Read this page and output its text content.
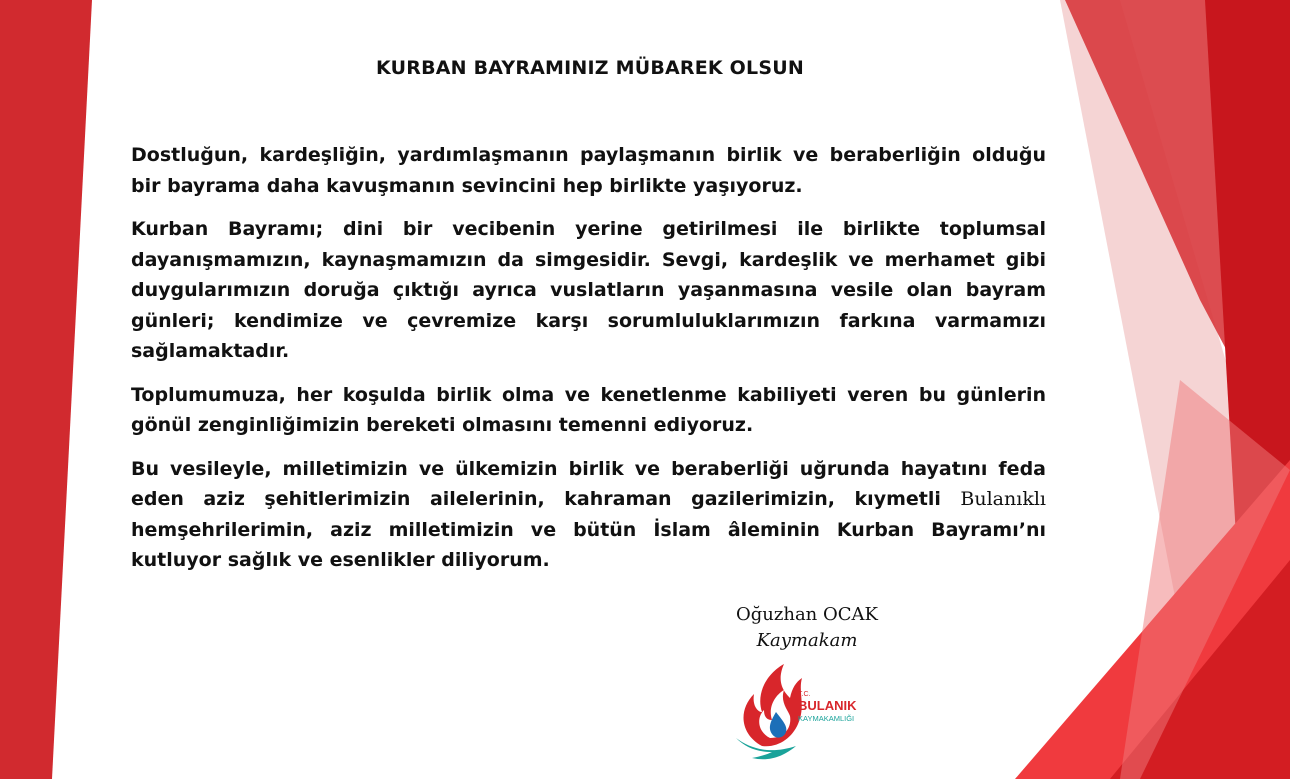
KURBAN BAYRAMINIZ MÜBAREK OLSUN

Dostluğun, kardeşliğin, yardımlaşmanın paylaşmanın birlik ve beraberliğin olduğu bir bayrama daha kavuşmanın sevincini hep birlikte yaşıyoruz.

Kurban Bayramı; dini bir vecibenin yerine getirilmesi ile birlikte toplumsal dayanışmamızın, kaynaşmamızın da simgesidir. Sevgi, kardeşlik ve merhamet gibi duygularımızın doruğa çıktığı ayrıca vuslatların yaşanmasına vesile olan bayram günleri; kendimize ve çevremize karşı sorumluluklarımızın farkına varmamızı sağlamaktadır.

Toplumumuza, her koşulda birlik olma ve kenetlenme kabiliyeti veren bu günlerin gönül zenginliğimizin bereketi olmasını temenni ediyoruz.

Bu vesileyle, milletimizin ve ülkemizin birlik ve beraberliği uğrunda hayatını feda eden aziz şehitlerimizin ailelerinin, kahraman gazilerimizin, kıymetli Bulanıklı hemşehrilerimin, aziz milletimizin ve bütün İslam âleminin Kurban Bayramı’nı kutluyor sağlık ve esenlikler diliyorum.

Oğuzhan OCAK
Kaymakam
T.C.
BULANIK
KAYMAKAMLIĞI
